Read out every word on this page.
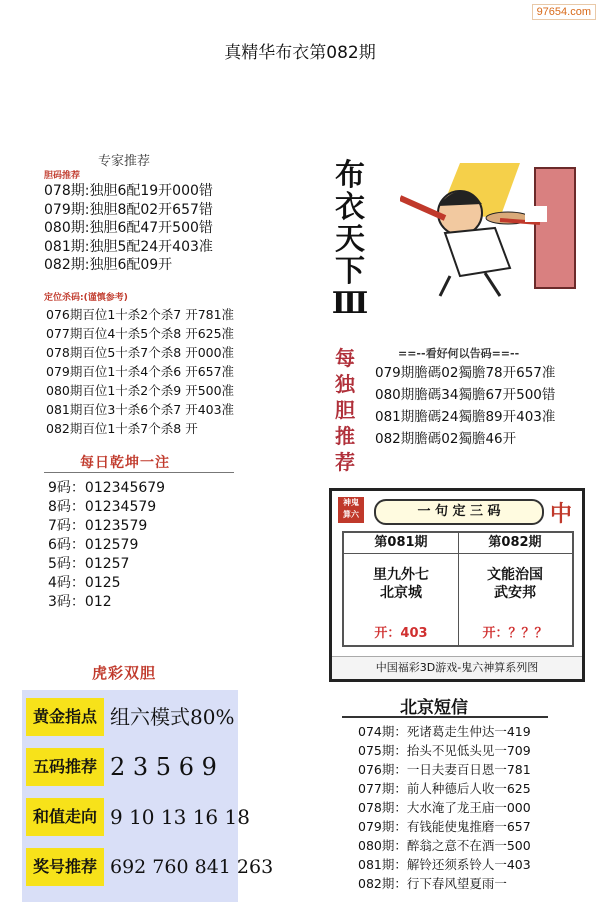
97654.com
真精华布衣第082期
专家推荐
胆码推荐
078期:独胆6配19开000错
079期:独胆8配02开657错
080期:独胆6配47开500错
081期:独胆5配24开403准
082期:独胆6配09开
定位杀码:(谨慎参考)
076期百位1十杀2个杀7 开781准
077期百位4十杀5个杀8 开625准
078期百位5十杀7个杀8 开000准
079期百位1十杀4个杀6 开657准
080期百位1十杀2个杀9 开500准
081期百位3十杀6个杀7 开403准
082期百位1十杀7个杀8 开
每日乾坤一注
9码：012345679
8码：01234579
7码：0123579
6码：012579
5码：01257
4码：0125
3码：012
虎彩双胆
黄金指点 组六模式80%
五码推荐 2 3 5 6 9
和值走向 9 10 13 16 18
奖号推荐 692 760 841 263
布
衣
天
下
Ⅲ
每
独
胆
推
荐
==--看好何以告码==--
079期膽碼02獨膽78开657准
080期膽碼34獨膽67开500错
081期膽碼24獨膽89开403准
082期膽碼02獨膽46开
神鬼 算六	一 句 定 三 码	中
第081期
里九外七
北京城
开：403
第082期
文能治国
武安邦
开：？？？
中国福彩3D游戏-鬼六神算系列图
北京短信
074期：死诸葛走生仲达一419
075期：抬头不见低头见一709
076期：一日夫妻百日恩一781
077期：前人种德后人收一625
078期：大水淹了龙王庙一000
079期：有钱能使鬼推磨一657
080期：醉翁之意不在酒一500
081期：解铃还须系铃人一403
082期：行下春风望夏雨一
